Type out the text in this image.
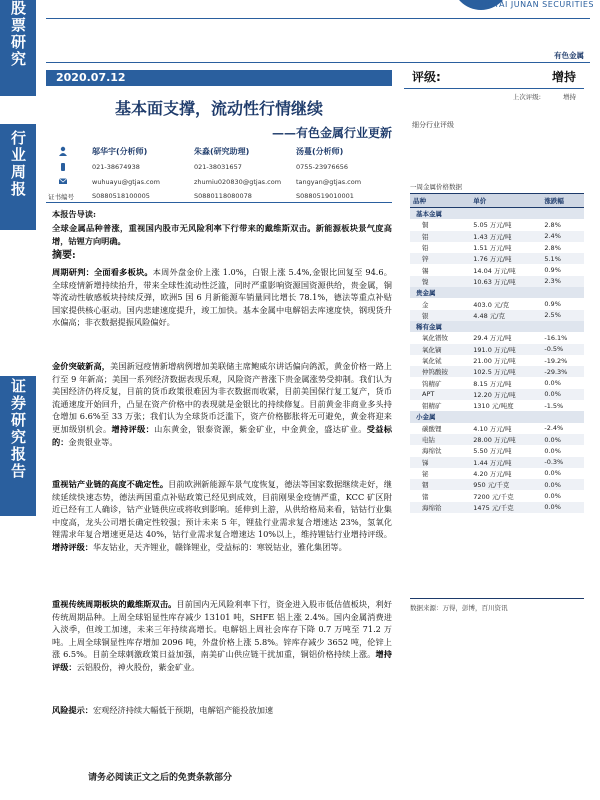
股票研究
行业周报
证券研究报告
GUOTAI JUNAN SECURITIES
有色金属
2020.07.12
基本面支撑，流动性行情继续
——有色金属行业更新
邬华宇(分析师)
021-38674938
wuhuayu@gtjas.com
朱淼(研究助理)
021-38031657
zhumiu020830@gtjas.com
汤蔓(分析师)
0755-23976656
tangyan@gtjas.com
证书编号	S0880518100005	S0880118080078	S0880519010001
本报告导读:
全球金属品种普涨，重视国内股市无风险利率下行带来的戴维斯双击。新能源板块景气度高增，钴锂方向明确。
摘要:
周期研判：全面看多板块。本周外盘金价上涨 1.0%，白银上涨 5.4%,金银比回复至 94.6。全球疫情新增持续抬升，带来全球性流动性泛滥，同时严重影响资源国资源供给，贵金属，铜等流动性敏感板块持续反弹，欧洲5 国 6 月新能源车销量同比增长 78.1%，德法等重点补贴国家提供核心驱动。国内悲建速度提升，竣工加快。基本金属中电解铝去库速度快，钢现货升水偏高；非衣数据提振风险偏好。
金价突破新高，美国新冠疫情新增病例增加美联储主席鲍威尔讲话偏向鸽派，黄金价格一路上行至 9 年新高；美国一系列经济数据表现乐观，风险资产普涨下贵金属涨势受抑制。我们认为美国经济仍将反复，目前的货币政策很难因为非衣数据而收紧，目前美国保行复工复产，货币流通速度开始回升，凸显在资产价格中的表现就是金银比的持续修复。目前黄金非商业多头持仓增加 6.6%至 33 万张；我们认为全球货币泛滥下，资产价格膨胀将无可避免，黄金将迎来更加级别机会。增持评级：山东黄金，银泰资源，紫金矿业，中金黄金，盛达矿业。受益标的：金贵银业等。
重视钴产业链的高度不确定性。目前欧洲新能源车景气度恢复，德法等国家数据继续走好，继续延续快速态势，德法两国重点补贴政策已经见到成效，目前刚果金疫情严重，KCC 矿区附近已经有工人确诊，钴产业链供应或将收到影响。延伸到上游，从供给格局来看，钴钴行业集中度高，龙头公司增长确定性较强；预计未来 5 年，锂盐行业需求复合增速达 23%，氢氧化锂需求年复合增速更是达 40%，钴行业需求复合增速达 10%以上，维持锂钴行业增持评级。增持评级：华友钴业，天齐锂业，赣锋锂业，受益标的：寒锐钴业，雅化集团等。
重视传统周期板块的戴维斯双击。目前国内无风险利率下行，资金进入股市低估值板块，利好传统周期品种。上周全球铝显性库存减少 13101 吨，SHFE 铝上涨 2.4%。国内金属消费进入淡季，但竣工加速，未来三年持续高增长。电解铝上周社会库存下降 0.7 万吨至 71.2 万吨。上周全球铜显性库存增加 2096 吨，外盘价格上涨 5.8%。锌库存减少 3652 吨，伦锌上涨 6.5%。目前全球刺激政策日益加强，南美矿山供应链干扰加重，铜铝价格持续上涨。增持评级：云铝股份，神火股份，紫金矿业。
风险提示：宏观经济持续大幅低于预期，电解铝产能投放加速
评级:	增持
上次评级:	增持
细分行业评级
一周金属价格数据
品种	单价	涨跌幅
基本金属		
铜	5.05 万元/吨	2.8%
铝	1.43 万元/吨	2.4%
铅	1.51 万元/吨	2.8%
锌	1.76 万元/吨	5.1%
锡	14.04 万元/吨	0.9%
镍	10.63 万元/吨	2.3%
贵金属		
金	403.0 元/克	0.9%
银	4.48 元/克	2.5%
稀有金属		
氧化镨钕	29.4 万元/吨	-16.1%
氧化镝	191.0 万元/吨	-0.5%
氧化铽	21.00 万元/吨	-19.2%
仲钨酸铵	102.5 万元/吨	-29.3%
钨精矿	8.15 万元/吨	0.0%
APT	12.20 万元/吨	0.0%
钼精矿	1310 元/吨度	-1.5%
小金属		
碳酸锂	4.10 万元/吨	-2.4%
电钴	28.00 万元/吨	0.0%
海绵钛	5.50 万元/吨	0.0%
锑	1.44 万元/吨	-0.3%
铋	4.20 万元/吨	0.0%
铟	950 元/千克	0.0%
锗	7200 元/千克	0.0%
海绵铪	1475 元/千克	0.0%
数据来源：万得，彭博，百川资讯
请务必阅读正文之后的免责条款部分
